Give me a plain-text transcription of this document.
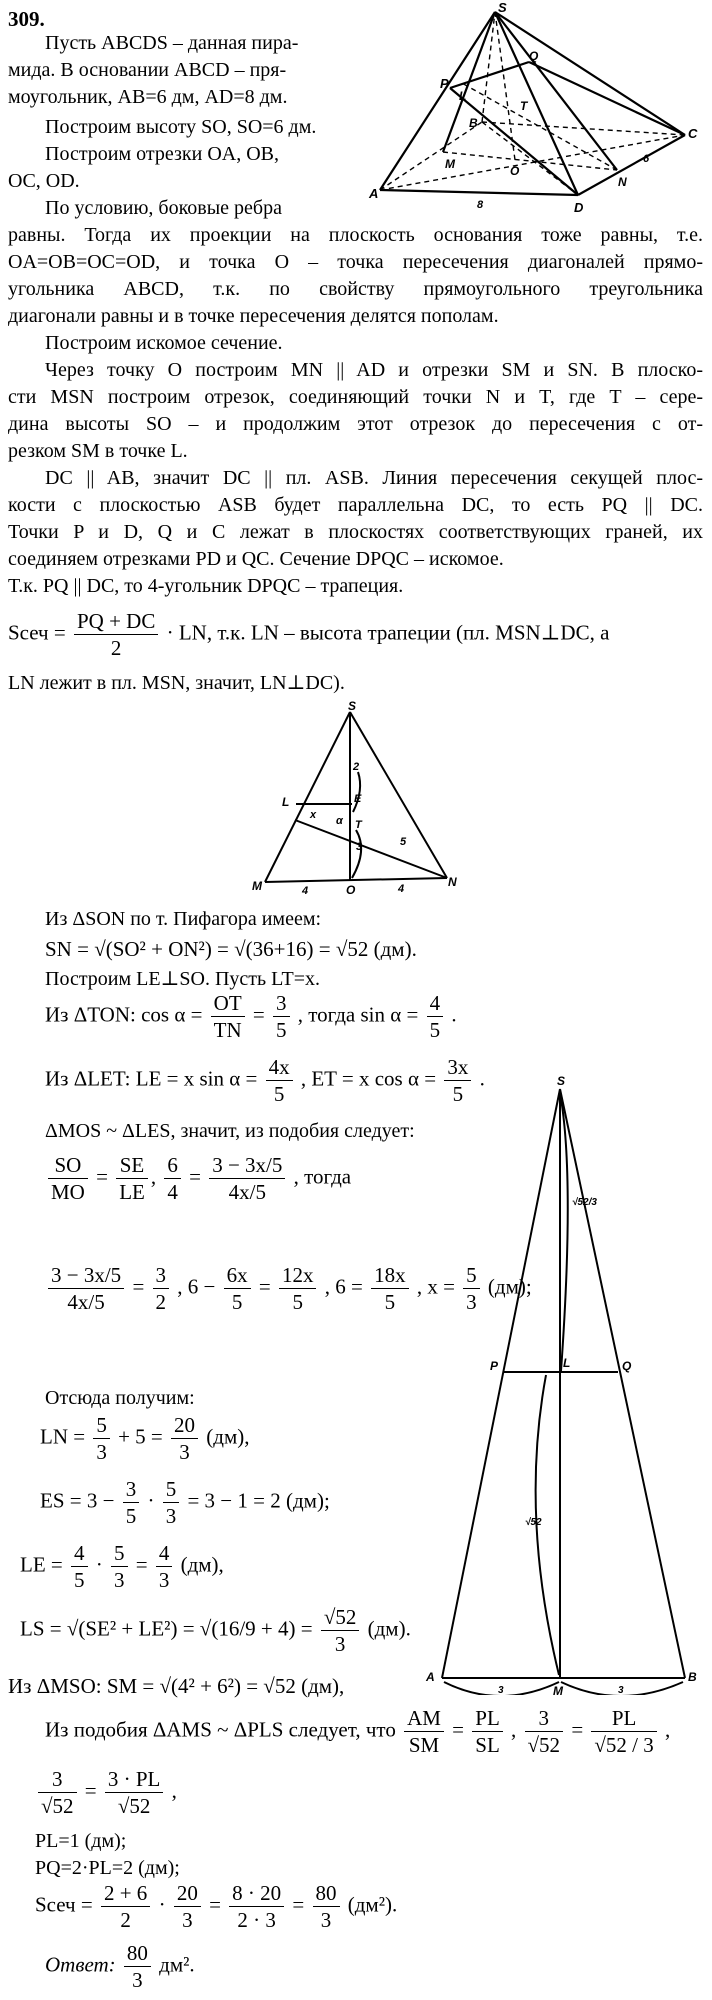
309.
Пусть ABCDS – данная пира-
мида. В основании ABCD – пря-
моугольник, AB=6 дм, AD=8 дм.
Построим высоту SO, SO=6 дм.
Построим отрезки OA, OB,
OC, OD.
По условию, боковые ребра
S
P
Q
L
T
B
C
M	O
N
A
D
6
8
равны. Тогда их проекции на плоскость основания тоже равны, т.е.
OA=OB=OC=OD, и точка O – точка пересечения диагоналей прямо-
угольника ABCD, т.к. по свойству прямоугольного треугольника
диагонали равны и в точке пересечения делятся пополам.
Построим искомое сечение.
Через точку O построим MN || AD и отрезки SM и SN. В плоско-
сти MSN построим отрезок, соединяющий точки N и T, где T – сере-
дина высоты SO – и продолжим этот отрезок до пересечения с от-
резком SM в точке L.
DC || AB, значит DC || пл. ASB. Линия пересечения секущей плос-
кости с плоскостью ASB будет параллельна DC, то есть PQ || DC.
Точки P и D, Q и C лежат в плоскостях соответствующих граней, их
соединяем отрезками PD и QC. Сечение DPQC – искомое.
Т.к. PQ || DC, то 4-угольник DPQC – трапеция.
Sсеч = $\frac{PQ + DC}{2}$ · LN, т.к. LN – высота трапеции (пл. MSN⊥DC, а
LN лежит в пл. MSN, значит, LN⊥DC).
S
L	E
T
α
x
2
5
3
M	O
N
4	4
Из ΔSON по т. Пифагора имеем:
SN = √(SO² + ON²) = √(36+16) = √52 (дм).
Построим LE⊥SO. Пусть LT=x.
Из ΔTON: $\cos \alpha = \frac{OT}{TN} = \frac{3}{5}$ , тогда $\sin \alpha = \frac{4}{5}$ .
Из ΔLET: LE = x $\sin \alpha = \frac{4x}{5}$ , ET = x $\cos \alpha = \frac{3x}{5}$ .
ΔMOS ~ ΔLES, значит, из подобия следует:
$\frac{SO}{MO} = \frac{SE}{LE}$ , $\frac{6}{4} = \frac{3 - 3x/5}{4x/5}$ , тогда
$\frac{3 - 3x/5}{4x/5} = \frac{3}{2}$ , $6 - \frac{6x}{5} = \frac{12x}{5}$ , $6 = \frac{18x}{5}$ , $x = \frac{5}{3} (дм)$;
Отсюда получим:
LN = $\frac{5}{3} + 5 = \frac{20}{3} (дм)$,
ES = $3 - \frac{3}{5} \cdot \frac{5}{3} = 3 - 1 = 2$ (дм);
LE = $\frac{4}{5} \cdot \frac{5}{3} = \frac{4}{3} (дм)$,
LS = $√(SE^2 + LE^2) = √(16/9 + 4) = \frac{√52}{3} (дм)$.
Из ΔMSO: SM = √(4² + 6²) = √52 (дм),
S
√52/3
P	L	Q
√52
A
M
B
3	3
Из подобия ΔAMS ~ ΔPLS следует, что $\frac{AM}{SM} = \frac{PL}{SL}$ , $\frac{3}{√52} = \frac{PL}{√52 / 3}$ ,
$\frac{3}{√52} = \frac{3 \cdot PL}{√52}$ ,
PL=1 (дм);
PQ=2·PL=2 (дм);
Sсеч = $\frac{2 + 6}{2} \cdot \frac{20}{3} = \frac{8 \cdot 20}{2 \cdot 3} = \frac{80}{3} (дм^2)$.
Ответ: $\frac{80}{3} дм^2$.
